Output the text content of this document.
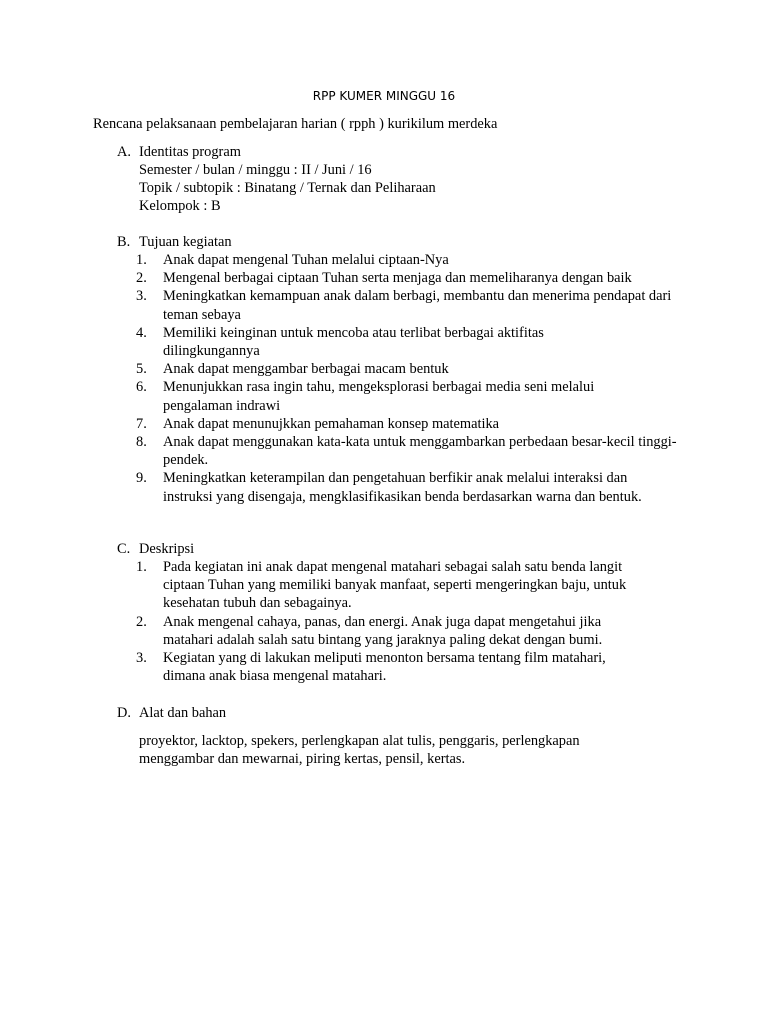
RPP KUMER MINGGU 16
Rencana pelaksanaan pembelajaran harian ( rpph ) kurikilum merdeka
A. Identitas program
Semester / bulan / minggu : II / Juni / 16
Topik / subtopik : Binatang / Ternak dan Peliharaan
Kelompok : B
B. Tujuan kegiatan
1. Anak dapat mengenal Tuhan melalui ciptaan-Nya
2. Mengenal berbagai ciptaan Tuhan serta menjaga dan memeliharanya dengan baik
3. Meningkatkan kemampuan anak dalam berbagi, membantu dan menerima pendapat dari teman sebaya
4. Memiliki keinginan untuk mencoba atau terlibat berbagai aktifitas dilingkungannya
5. Anak dapat menggambar berbagai macam bentuk
6. Menunjukkan rasa ingin tahu, mengeksplorasi berbagai media seni melalui pengalaman indrawi
7. Anak dapat menunujkkan pemahaman konsep matematika
8. Anak dapat menggunakan kata-kata untuk menggambarkan perbedaan besar-kecil tinggi-pendek.
9. Meningkatkan keterampilan dan pengetahuan berfikir anak melalui interaksi dan instruksi yang disengaja, mengklasifikasikan benda berdasarkan warna dan bentuk.
C. Deskripsi
1. Pada kegiatan ini anak dapat mengenal matahari sebagai salah satu benda langit ciptaan Tuhan yang memiliki banyak manfaat, seperti mengeringkan baju, untuk kesehatan tubuh dan sebagainya.
2. Anak mengenal cahaya, panas, dan energi. Anak juga dapat mengetahui jika matahari adalah salah satu bintang yang jaraknya paling dekat dengan bumi.
3. Kegiatan yang di lakukan meliputi menonton bersama tentang film matahari, dimana anak biasa mengenal matahari.
D. Alat dan bahan
proyektor, lacktop, spekers, perlengkapan alat tulis, penggaris, perlengkapan
menggambar dan mewarnai, piring kertas, pensil, kertas.
